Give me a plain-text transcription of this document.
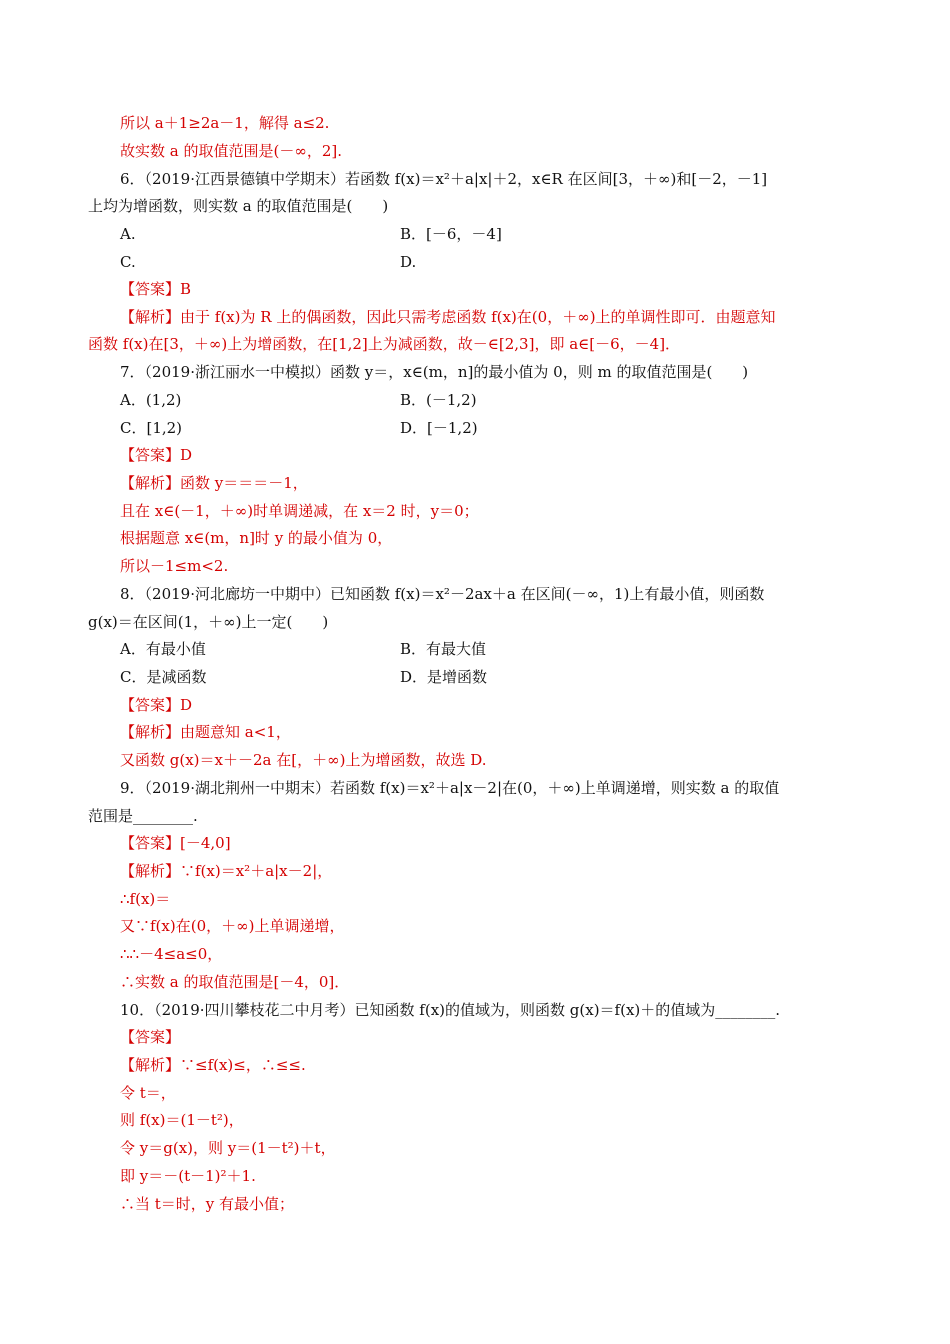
所以 a＋1≥2a－1，解得 a≤2.
故实数 a 的取值范围是(－∞，2].
6．（2019·江西景德镇中学期末）若函数 f(x)＝x²＋a|x|＋2，x∈R 在区间[3，＋∞)和[－2，－1]
上均为增函数，则实数 a 的取值范围是(　　)
A.	B．[－6，－4]
C.	D.
【答案】B
【解析】由于 f(x)为 R 上的偶函数，因此只需考虑函数 f(x)在(0，＋∞)上的单调性即可．由题意知
函数 f(x)在[3，＋∞)上为增函数，在[1,2]上为减函数，故－∈[2,3]，即 a∈[－6，－4]．
7．（2019·浙江丽水一中模拟）函数 y＝，x∈(m，n]的最小值为 0，则 m 的取值范围是(　　)
A．(1,2)	B．(－1,2)
C．[1,2)	D．[－1,2)
【答案】D
【解析】函数 y＝＝＝－1，
且在 x∈(－1，＋∞)时单调递减，在 x＝2 时，y＝0；
根据题意 x∈(m，n]时 y 的最小值为 0，
所以－1≤m<2.
8．（2019·河北廊坊一中期中）已知函数 f(x)＝x²－2ax＋a 在区间(－∞，1)上有最小值，则函数
g(x)＝在区间(1，＋∞)上一定(　　)
A．有最小值	B．有最大值
C．是减函数	D．是增函数
【答案】D
【解析】由题意知 a<1，
又函数 g(x)＝x＋－2a 在[，＋∞)上为增函数，故选 D.
9．（2019·湖北荆州一中期末）若函数 f(x)＝x²＋a|x－2|在(0，＋∞)上单调递增，则实数 a 的取值
范围是________.
【答案】[－4,0]
【解析】∵f(x)＝x²＋a|x－2|，
∴f(x)＝
又∵f(x)在(0，＋∞)上单调递增，
∴∴－4≤a≤0，
∴实数 a 的取值范围是[－4，0]．
10．（2019·四川攀枝花二中月考）已知函数 f(x)的值域为，则函数 g(x)＝f(x)＋的值域为________.
【答案】
【解析】∵≤f(x)≤，∴≤≤.
令 t＝，
则 f(x)＝(1－t²)，
令 y＝g(x)，则 y＝(1－t²)＋t，
即 y＝－(t－1)²＋1.
∴当 t＝时，y 有最小值；
